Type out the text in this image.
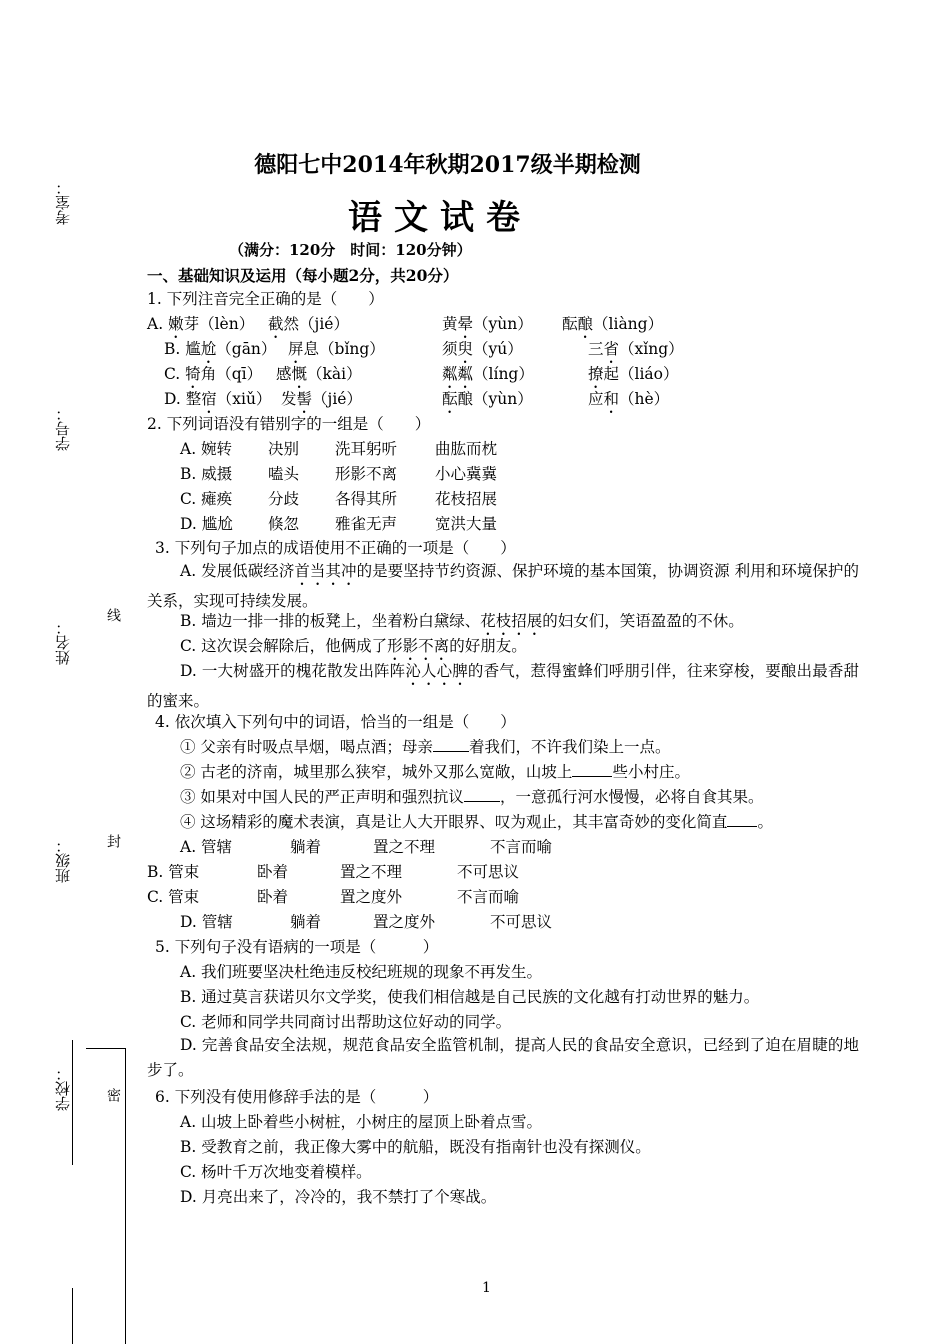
考室：
学号：
姓名：
班级：
学校：
线
封
密
德阳七中2014年秋期2017级半期检测
语文试卷
（满分：120分　时间：120分钟）
一、基础知识及运用（每小题2分，共20分）
1. 下列注音完全正确的是（　　）
A. 嫩芽（lèn） 截然（jié）	黄晕（yùn） 酝酿（liàng）
B. 尴尬（gān） 屏息（bǐng）	须臾（yú）	三省（xǐng）
C. 犄角（qī） 感慨（kài）	粼粼（líng）	撩起（liáo）
D. 整宿（xiǔ） 发髻（jié）	酝酿（yùn）	应和（hè）
2. 下列词语没有错别字的一组是（　　）
A. 婉转 决别 洗耳躬听 曲肱而枕
B. 威摄 嗑头 形影不离 小心冀冀
C. 瘫痪 分歧 各得其所 花枝招展
D. 尴尬 倏忽 雅雀无声 宽洪大量
3. 下列句子加点的成语使用不正确的一项是（　　）
A. 发展低碳经济首当其冲的是要坚持节约资源、保护环境的基本国策，协调资源 利用和环境保护的关系，实现可持续发展。
B. 墙边一排一排的板凳上，坐着粉白黛绿、花枝招展的妇女们，笑语盈盈的不休。
C. 这次误会解除后，他俩成了形影不离的好朋友。
D. 一大树盛开的槐花散发出阵阵沁人心脾的香气，惹得蜜蜂们呼朋引伴，往来穿梭，要酿出最香甜的蜜来。
4. 依次填入下列句中的词语，恰当的一组是（　　）
① 父亲有时吸点旱烟，喝点酒；母亲 着我们，不许我们染上一点。
② 古老的济南，城里那么狭窄，城外又那么宽敞，山坡上	些小村庄。
③ 如果对中国人民的严正声明和强烈抗议 ，一意孤行河水慢慢，必将自食其果。
④ 这场精彩的魔术表演，真是让人大开眼界、叹为观止，其丰富奇妙的变化简直 。
A. 管辖	躺着	置之不理	不言而喻
B. 管束	卧着	置之不理	不可思议
C. 管束	卧着	置之度外	不言而喻
D. 管辖	躺着	置之度外	不可思议
5. 下列句子没有语病的一项是（　　　）
A. 我们班要坚决杜绝违反校纪班规的现象不再发生。
B. 通过莫言获诺贝尔文学奖，使我们相信越是自己民族的文化越有打动世界的魅力。
C. 老师和同学共同商讨出帮助这位好动的同学。
D. 完善食品安全法规，规范食品安全监管机制，提高人民的食品安全意识，已经到了迫在眉睫的地步了。
6. 下列没有使用修辞手法的是（　　　）
A. 山坡上卧着些小树桩，小树庄的屋顶上卧着点雪。
B. 受教育之前，我正像大雾中的航船，既没有指南针也没有探测仪。
C. 杨叶千万次地变着模样。
D. 月亮出来了，冷冷的，我不禁打了个寒战。
1
